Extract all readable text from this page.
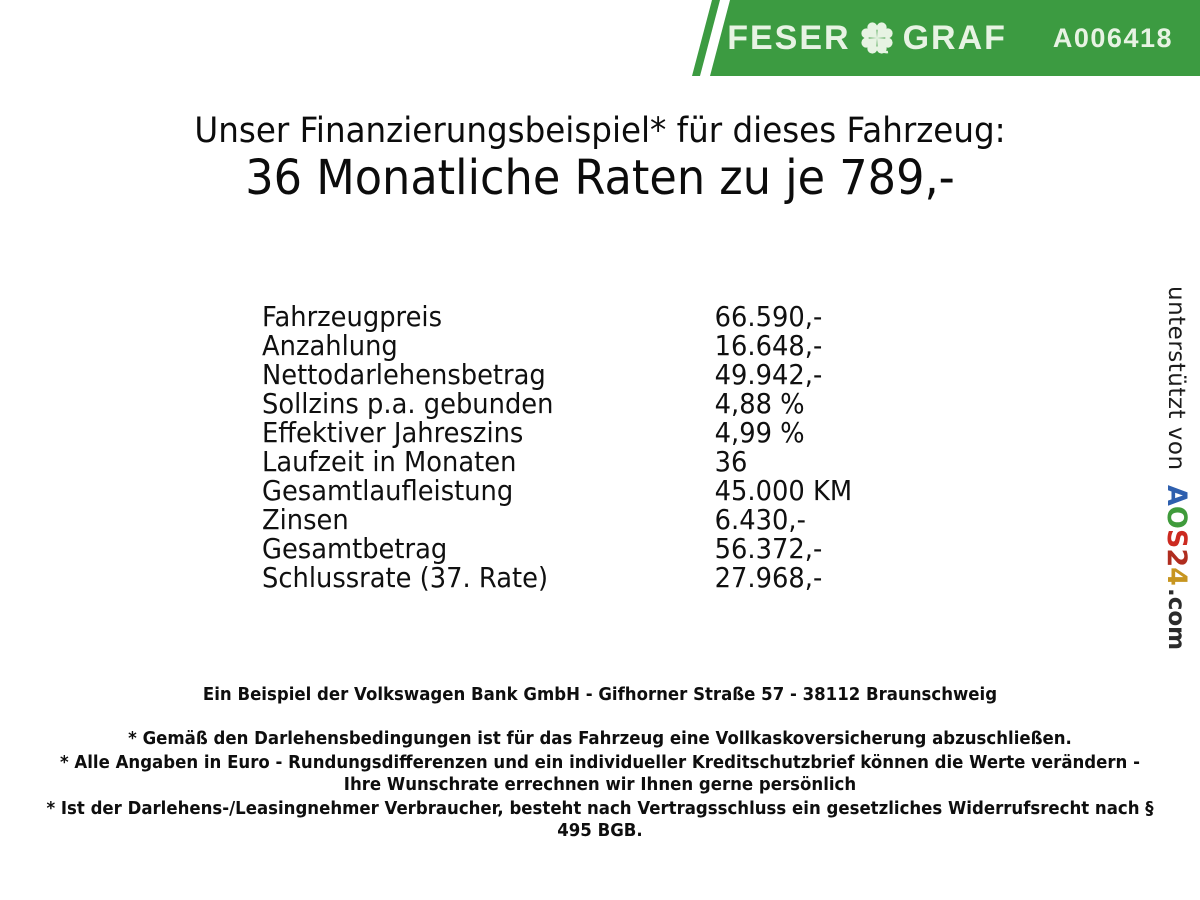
FESER GRAF A006418
Unser Finanzierungsbeispiel* für dieses Fahrzeug:
36 Monatliche Raten zu je 789,-
Fahrzeugpreis	66.590,-
Anzahlung	16.648,-
Nettodarlehensbetrag	49.942,-
Sollzins p.a. gebunden	4,88 %
Effektiver Jahreszins	4,99 %
Laufzeit in Monaten	36
Gesamtlaufleistung	45.000 KM
Zinsen	6.430,-
Gesamtbetrag	56.372,-
Schlussrate (37. Rate)	27.968,-
unterstützt vonAOS24.com
Ein Beispiel der Volkswagen Bank GmbH - Gifhorner Straße 57 - 38112 Braunschweig

* Gemäß den Darlehensbedingungen ist für das Fahrzeug eine Vollkaskoversicherung abzuschließen.

* Alle Angaben in Euro - Rundungsdifferenzen und ein individueller Kreditschutzbrief können die Werte verändern - Ihre Wunschrate errechnen wir Ihnen gerne persönlich

* Ist der Darlehens-/Leasingnehmer Verbraucher, besteht nach Vertragsschluss ein gesetzliches Widerrufsrecht nach § 495 BGB.
